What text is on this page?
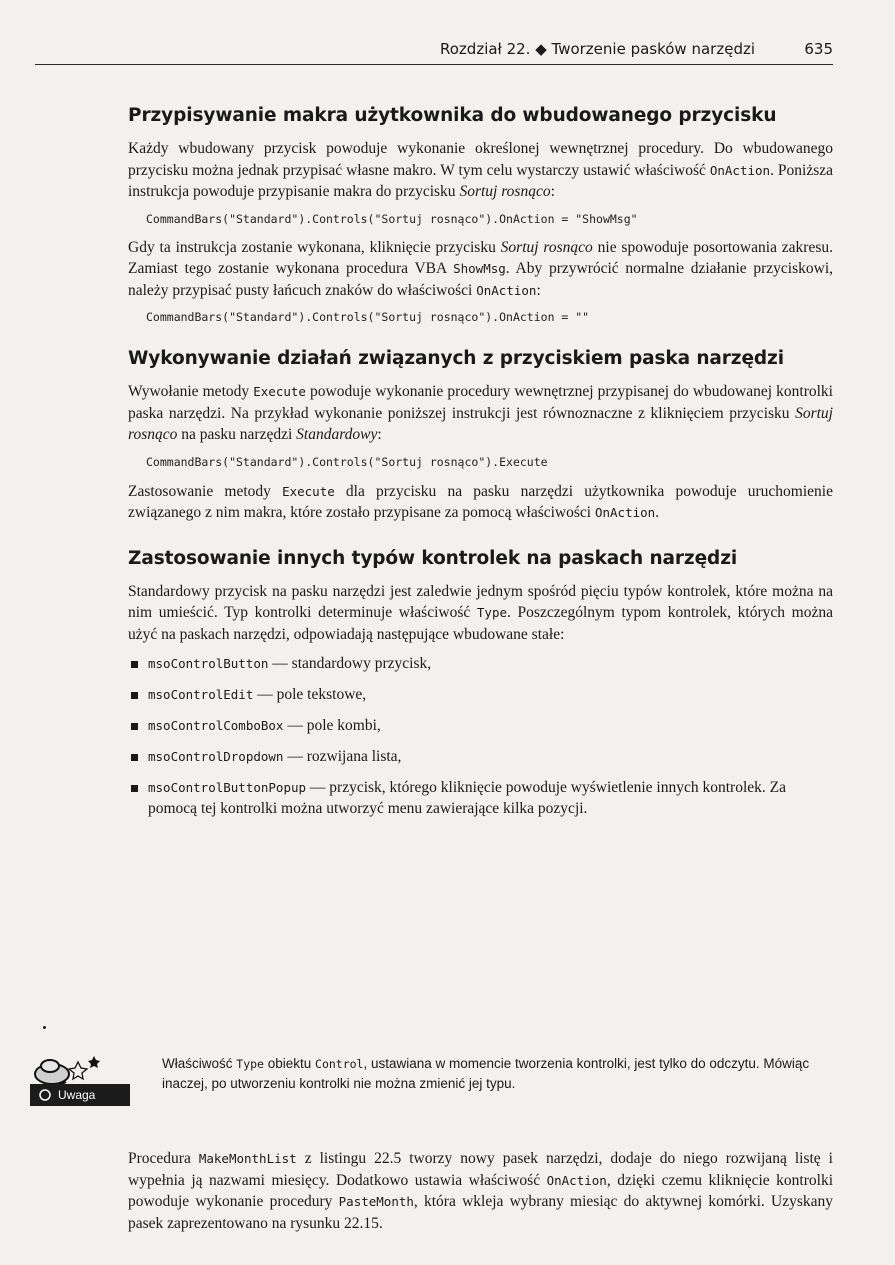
Rozdział 22. ◆ Tworzenie pasków narzędzi	635
Przypisywanie makra użytkownika do wbudowanego przycisku

Każdy wbudowany przycisk powoduje wykonanie określonej wewnętrznej procedury. Do wbudowanego przycisku można jednak przypisać własne makro. W tym celu wystarczy ustawić właściwość OnAction. Poniższa instrukcja powoduje przypisanie makra do przycisku Sortuj rosnąco:

CommandBars("Standard").Controls("Sortuj rosnąco").OnAction = "ShowMsg"

Gdy ta instrukcja zostanie wykonana, kliknięcie przycisku Sortuj rosnąco nie spowoduje posortowania zakresu. Zamiast tego zostanie wykonana procedura VBA ShowMsg. Aby przywrócić normalne działanie przyciskowi, należy przypisać pusty łańcuch znaków do właściwości OnAction:

CommandBars("Standard").Controls("Sortuj rosnąco").OnAction = ""
Wykonywanie działań związanych z przyciskiem paska narzędzi

Wywołanie metody Execute powoduje wykonanie procedury wewnętrznej przypisanej do wbudowanej kontrolki paska narzędzi. Na przykład wykonanie poniższej instrukcji jest równoznaczne z kliknięciem przycisku Sortuj rosnąco na pasku narzędzi Standardowy:

CommandBars("Standard").Controls("Sortuj rosnąco").Execute

Zastosowanie metody Execute dla przycisku na pasku narzędzi użytkownika powoduje uruchomienie związanego z nim makra, które zostało przypisane za pomocą właściwości OnAction.

Zastosowanie innych typów kontrolek na paskach narzędzi

Standardowy przycisk na pasku narzędzi jest zaledwie jednym spośród pięciu typów kontrolek, które można na nim umieścić. Typ kontrolki determinuje właściwość Type. Poszczególnym typom kontrolek, których można użyć na paskach narzędzi, odpowiadają następujące wbudowane stałe:

msoControlButton — standardowy przycisk,
msoControlEdit — pole tekstowe,
msoControlComboBox — pole kombi,
msoControlDropdown — rozwijana lista,
msoControlButtonPopup — przycisk, którego kliknięcie powoduje wyświetlenie innych kontrolek. Za pomocą tej kontrolki można utworzyć menu zawierające kilka pozycji.
Uwaga
Właściwość Type obiektu Control, ustawiana w momencie tworzenia kontrolki, jest tylko do odczytu. Mówiąc inaczej, po utworzeniu kontrolki nie można zmienić jej typu.

Procedura MakeMonthList z listingu 22.5 tworzy nowy pasek narzędzi, dodaje do niego rozwijaną listę i wypełnia ją nazwami miesięcy. Dodatkowo ustawia właściwość OnAction, dzięki czemu kliknięcie kontrolki powoduje wykonanie procedury PasteMonth, która wkleja wybrany miesiąc do aktywnej komórki. Uzyskany pasek zaprezentowano na rysunku 22.15.
